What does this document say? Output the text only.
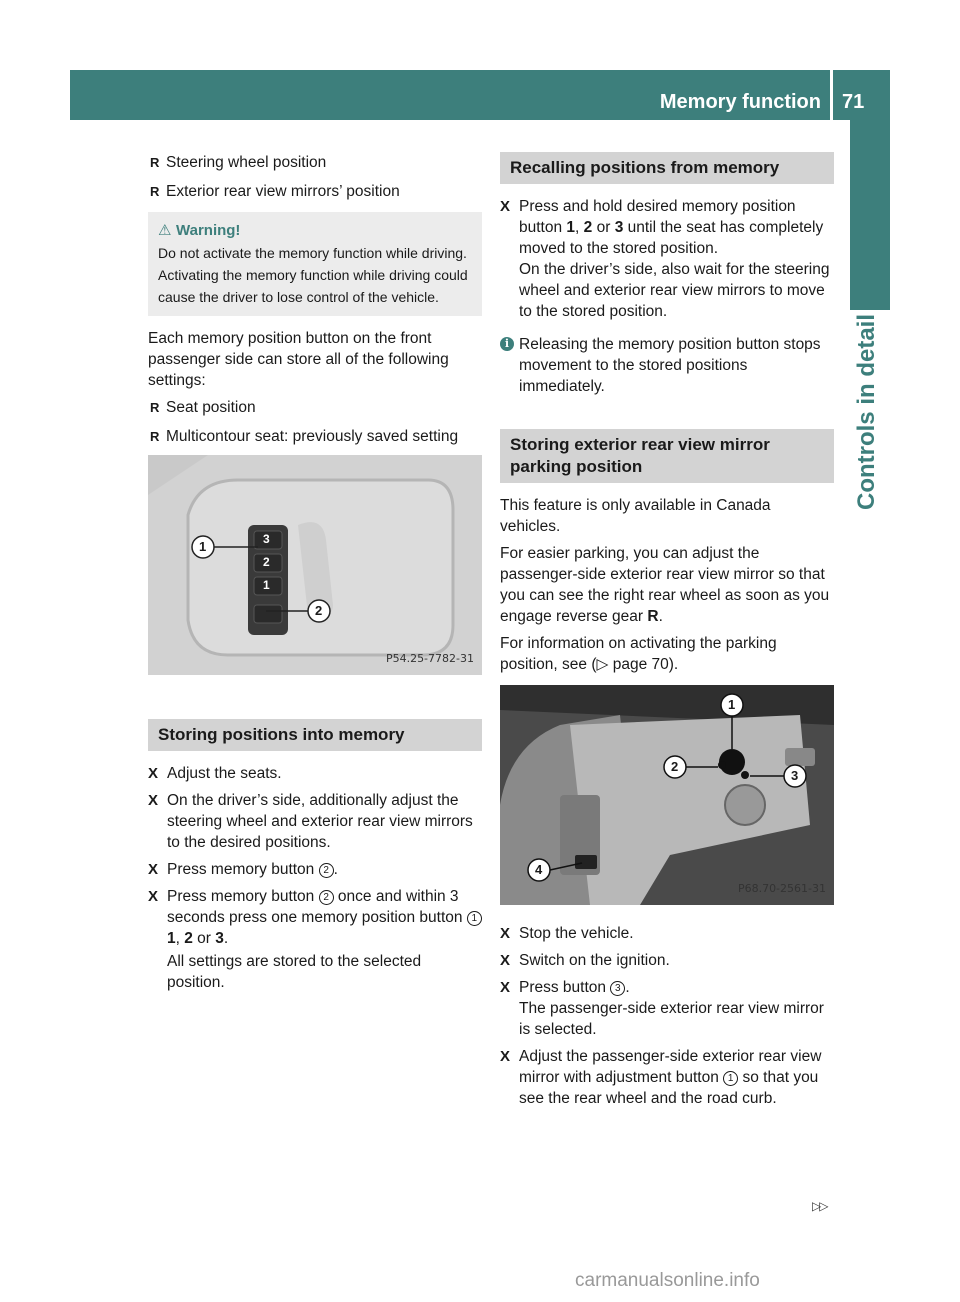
Memory function 71
Controls in detail
R Steering wheel position
R Exterior rear view mirrors’ position
⚠ Warning!
Do not activate the memory function while driving. Activating the memory function while driving could cause the driver to lose control of the vehicle.

Each memory position button on the front passenger side can store all of the following settings:

R Seat position
R Multicontour seat: previously saved setting
3
2
1
1
2
P54.25-7782-31
Storing positions into memory
X Adjust the seats.
X On the driver’s side, additionally adjust the steering wheel and exterior rear view mirrors to the desired positions.
X Press memory button 2 .
X Press memory button 2 once and within 3 seconds press one memory position button 1 1, 2 or 3.

All settings are stored to the selected position.

Recalling positions from memory
X Press and hold desired memory position button 1, 2 or 3 until the seat has completely moved to the stored position.
On the driver’s side, also wait for the steering wheel and exterior rear view mirrors to move to the stored position.
i Releasing the memory position button stops movement to the stored positions immediately.
Storing exterior rear view mirror parking position

This feature is only available in Canada vehicles.

For easier parking, you can adjust the passenger-side exterior rear view mirror so that you can see the right rear wheel as soon as you engage reverse gear R.

For information on activating the parking position, see (▷ page 70).

1
2
3
4
P68.70-2561-31
X Stop the vehicle.
X Switch on the ignition.
X Press button 3 .
The passenger-side exterior rear view mirror is selected.
X Adjust the passenger-side exterior rear view mirror with adjustment button 1 so that you see the rear wheel and the road curb.
▷▷
carmanualsonline.info
